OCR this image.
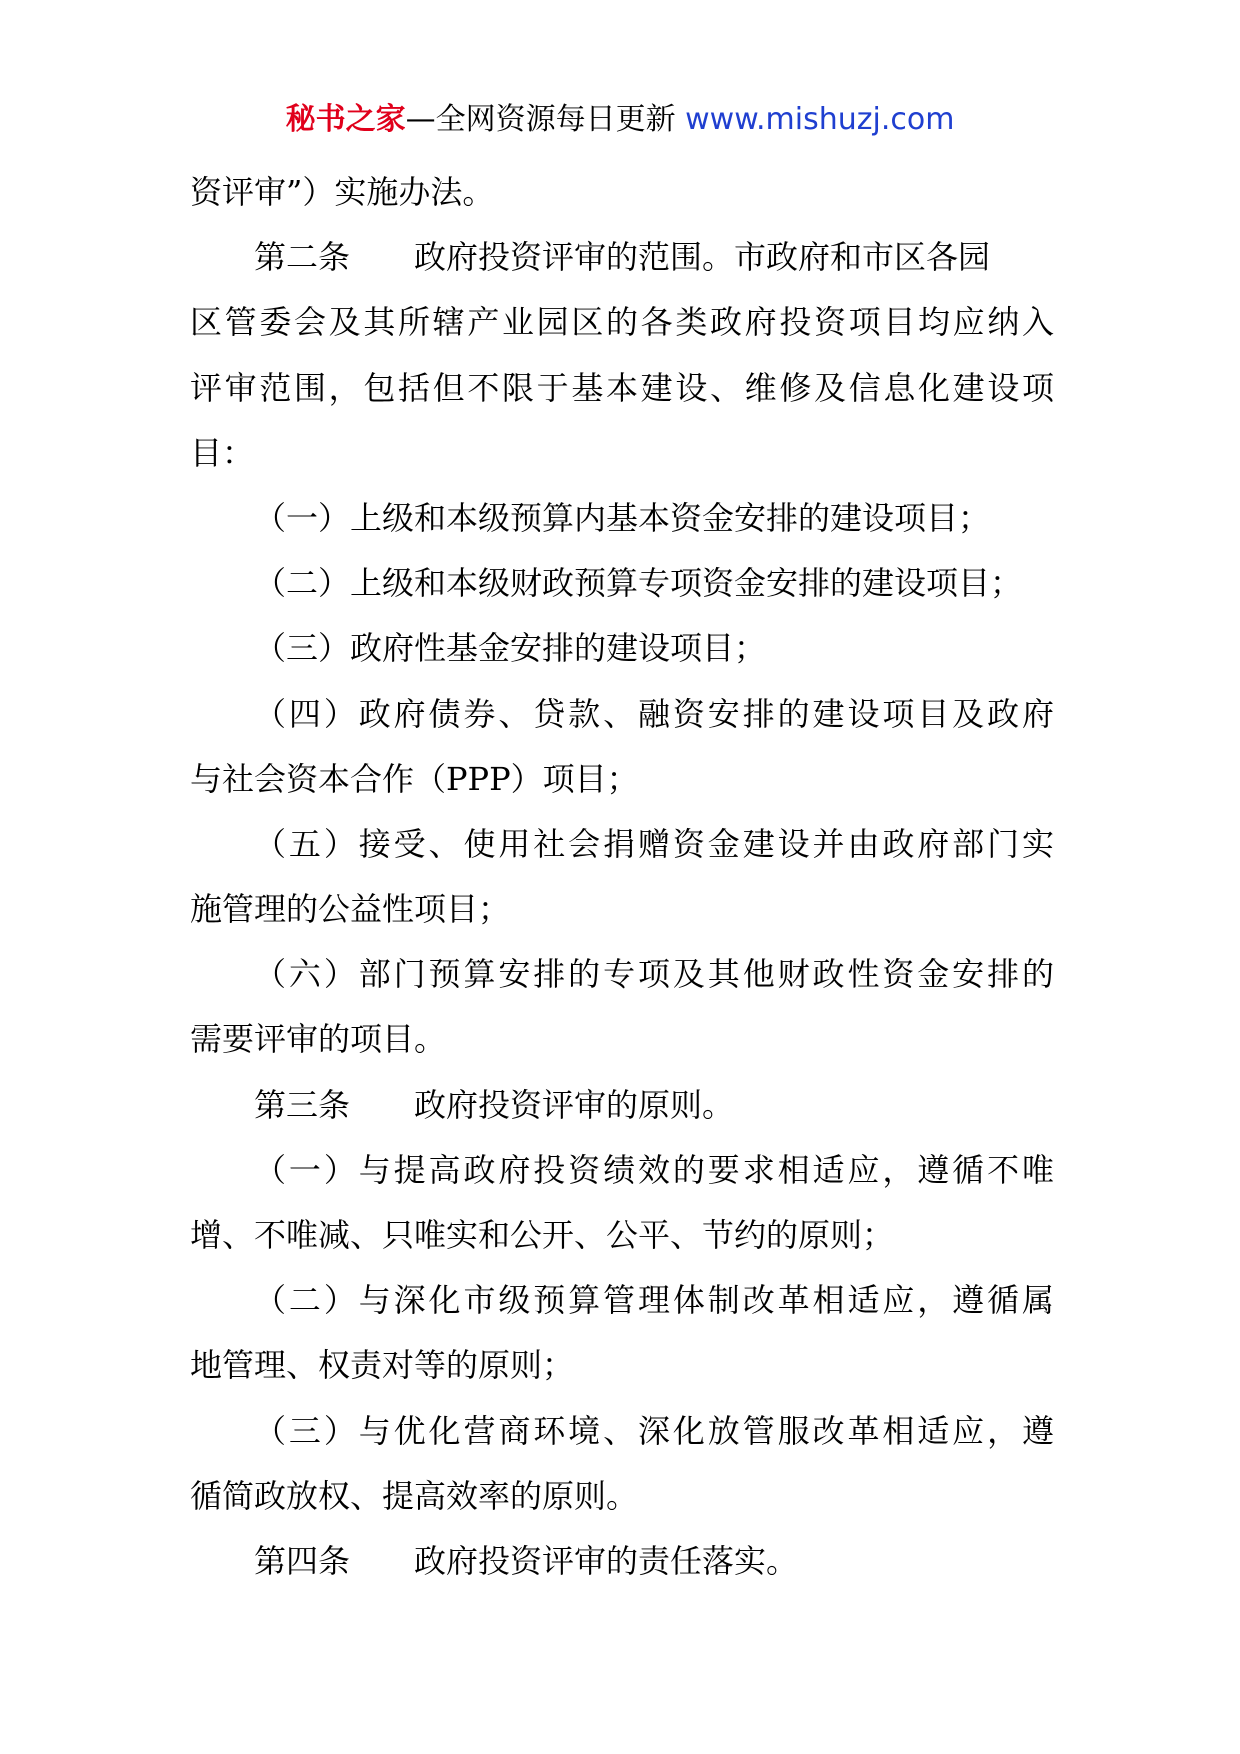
秘书之家—全网资源每日更新 www.mishuzj.com
资评审”）实施办法。
第二条 政府投资评审的范围。市政府和市区各园
区管委会及其所辖产业园区的各类政府投资项目均应纳入
评审范围，包括但不限于基本建设、维修及信息化建设项
目：
（一）上级和本级预算内基本资金安排的建设项目；
（二）上级和本级财政预算专项资金安排的建设项目；
（三）政府性基金安排的建设项目；
（四）政府债券、贷款、融资安排的建设项目及政府
与社会资本合作（PPP）项目；
（五）接受、使用社会捐赠资金建设并由政府部门实
施管理的公益性项目；
（六）部门预算安排的专项及其他财政性资金安排的
需要评审的项目。
第三条 政府投资评审的原则。
（一）与提高政府投资绩效的要求相适应，遵循不唯
增、不唯减、只唯实和公开、公平、节约的原则；
（二）与深化市级预算管理体制改革相适应，遵循属
地管理、权责对等的原则；
（三）与优化营商环境、深化放管服改革相适应，遵
循简政放权、提高效率的原则。
第四条 政府投资评审的责任落实。
